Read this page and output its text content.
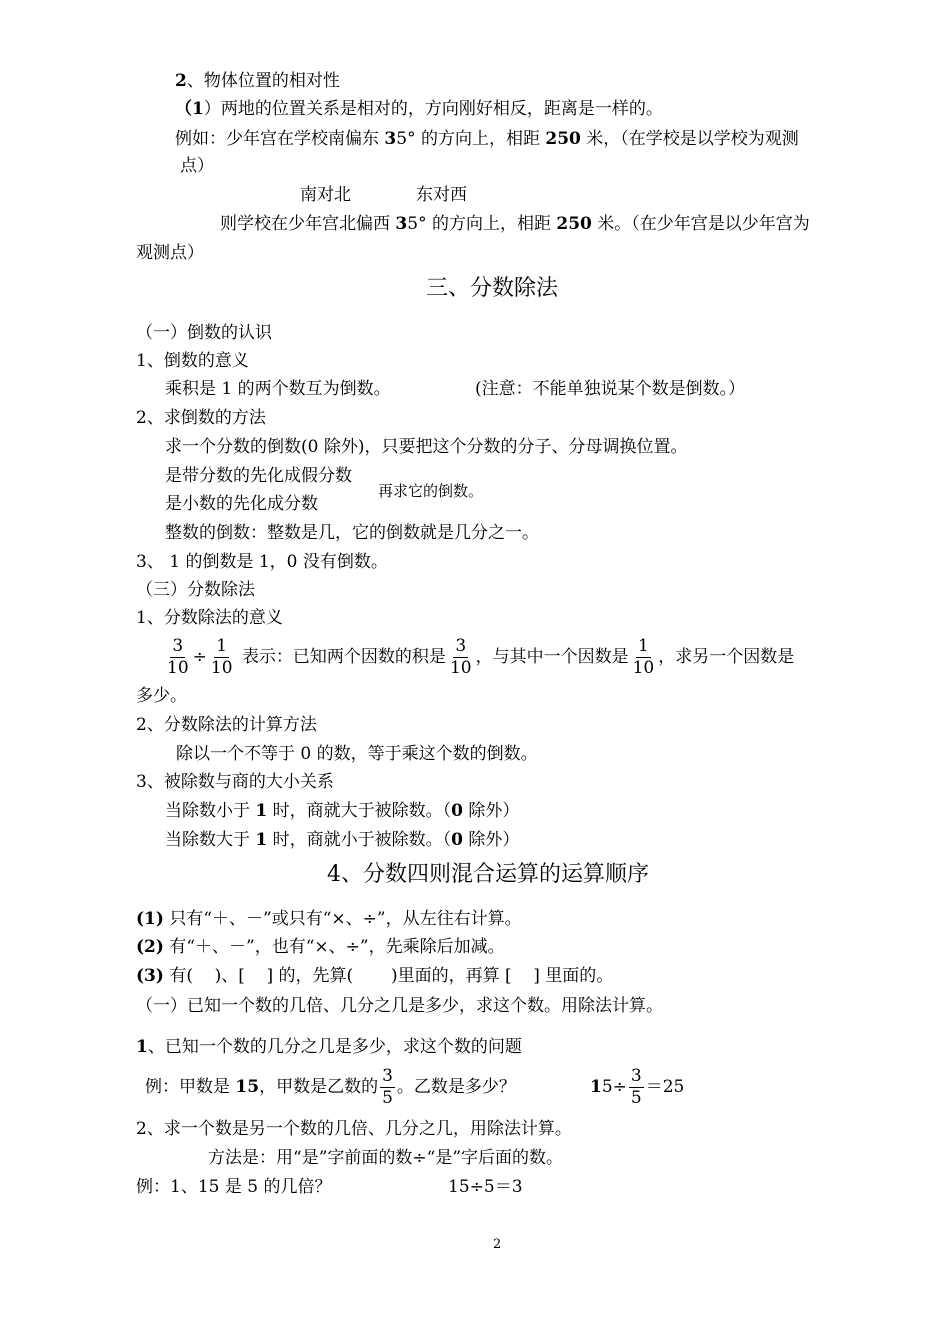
2、物体位置的相对性
（1）两地的位置关系是相对的，方向刚好相反，距离是一样的。
例如：少年宫在学校南偏东 35° 的方向上，相距 250 米，（在学校是以学校为观测
点）
南对北	东对西
则学校在少年宫北偏西 35° 的方向上，相距 250 米。（在少年宫是以少年宫为
观测点）
三、分数除法
（一）倒数的认识
1、倒数的意义
乘积是 1 的两个数互为倒数。	(注意：不能单独说某个数是倒数。）
2、求倒数的方法
求一个分数的倒数(0 除外)，只要把这个分数的分子、分母调换位置。
是带分数的先化成假分数
再求它的倒数。
是小数的先化成分数
整数的倒数：整数是几，它的倒数就是几分之一。
3、 1 的倒数是 1，0 没有倒数。
（三）分数除法
1、分数除法的意义
$\frac{3}{10} \div \frac{1}{10}$ 表示：已知两个因数的积是 $\frac{3}{10}$ ，与其中一个因数是 $\frac{1}{10}$ ，求另一个因数是
多少。
2、分数除法的计算方法
除以一个不等于 0 的数，等于乘这个数的倒数。
3、被除数与商的大小关系
当除数小于 1 时，商就大于被除数。（0 除外）
当除数大于 1 时，商就小于被除数。（0 除外）
4、分数四则混合运算的运算顺序
(1) 只有“＋、－”或只有“×、÷”，从左往右计算。
(2) 有“＋、－”，也有“×、÷”，先乘除后加减。
(3) 有(    )、[    ] 的，先算(       )里面的，再算 [    ] 里面的。
（一）已知一个数的几倍、几分之几是多少，求这个数。用除法计算。
1、已知一个数的几分之几是多少，求这个数的问题
例：甲数是 15，甲数是乙数的 $\frac{3}{5}$ 。乙数是多少？	$15\div \frac{3}{5} =25$
2、求一个数是另一个数的几倍、几分之几，用除法计算。
方法是：用“是”字前面的数÷“是”字后面的数。
例：1、15 是 5 的几倍？	15÷5＝3
2
